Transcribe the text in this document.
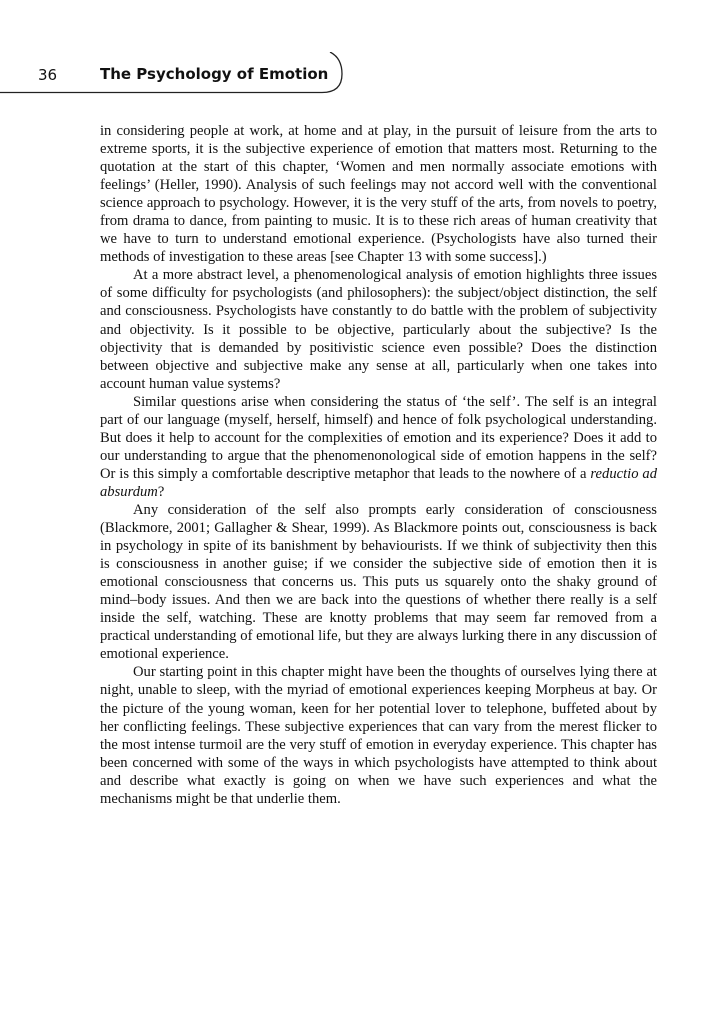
36	The Psychology of Emotion

in considering people at work, at home and at play, in the pursuit of leisure from the arts to extreme sports, it is the subjective experience of emotion that matters most. Returning to the quotation at the start of this chapter, ‘Women and men normally associate emotions with feelings’ (Heller, 1990). Analysis of such feelings may not accord well with the conventional science approach to psychology. However, it is the very stuff of the arts, from novels to poetry, from drama to dance, from painting to music. It is to these rich areas of human creativity that we have to turn to understand emotional experience. (Psychologists have also turned their methods of investigation to these areas [see Chapter 13 with some success].)

At a more abstract level, a phenomenological analysis of emotion highlights three issues of some difficulty for psychologists (and philosophers): the subject/object distinction, the self and consciousness. Psychologists have constantly to do battle with the problem of subjectivity and objectivity. Is it possible to be objective, particularly about the subjective? Is the objectivity that is demanded by positivistic science even possible? Does the distinction between objective and subjective make any sense at all, particularly when one takes into account human value systems?

Similar questions arise when considering the status of ‘the self’. The self is an integral part of our language (myself, herself, himself) and hence of folk psychological understanding. But does it help to account for the complexities of emotion and its experience? Does it add to our understanding to argue that the phenomenonological side of emotion happens in the self? Or is this simply a comfortable descriptive metaphor that leads to the nowhere of a reductio ad absurdum?

Any consideration of the self also prompts early consideration of consciousness (Blackmore, 2001; Gallagher & Shear, 1999). As Blackmore points out, consciousness is back in psychology in spite of its banishment by behaviourists. If we think of subjectivity then this is consciousness in another guise; if we consider the subjective side of emotion then it is emotional consciousness that concerns us. This puts us squarely onto the shaky ground of mind–body issues. And then we are back into the questions of whether there really is a self inside the self, watching. These are knotty problems that may seem far removed from a practical understanding of emotional life, but they are always lurking there in any discussion of emotional experience.

Our starting point in this chapter might have been the thoughts of ourselves lying there at night, unable to sleep, with the myriad of emotional experiences keeping Morpheus at bay. Or the picture of the young woman, keen for her potential lover to telephone, buffeted about by her conflicting feelings. These subjective experiences that can vary from the merest flicker to the most intense turmoil are the very stuff of emotion in everyday experience. This chapter has been concerned with some of the ways in which psychologists have attempted to think about and describe what exactly is going on when we have such experiences and what the mechanisms might be that underlie them.
